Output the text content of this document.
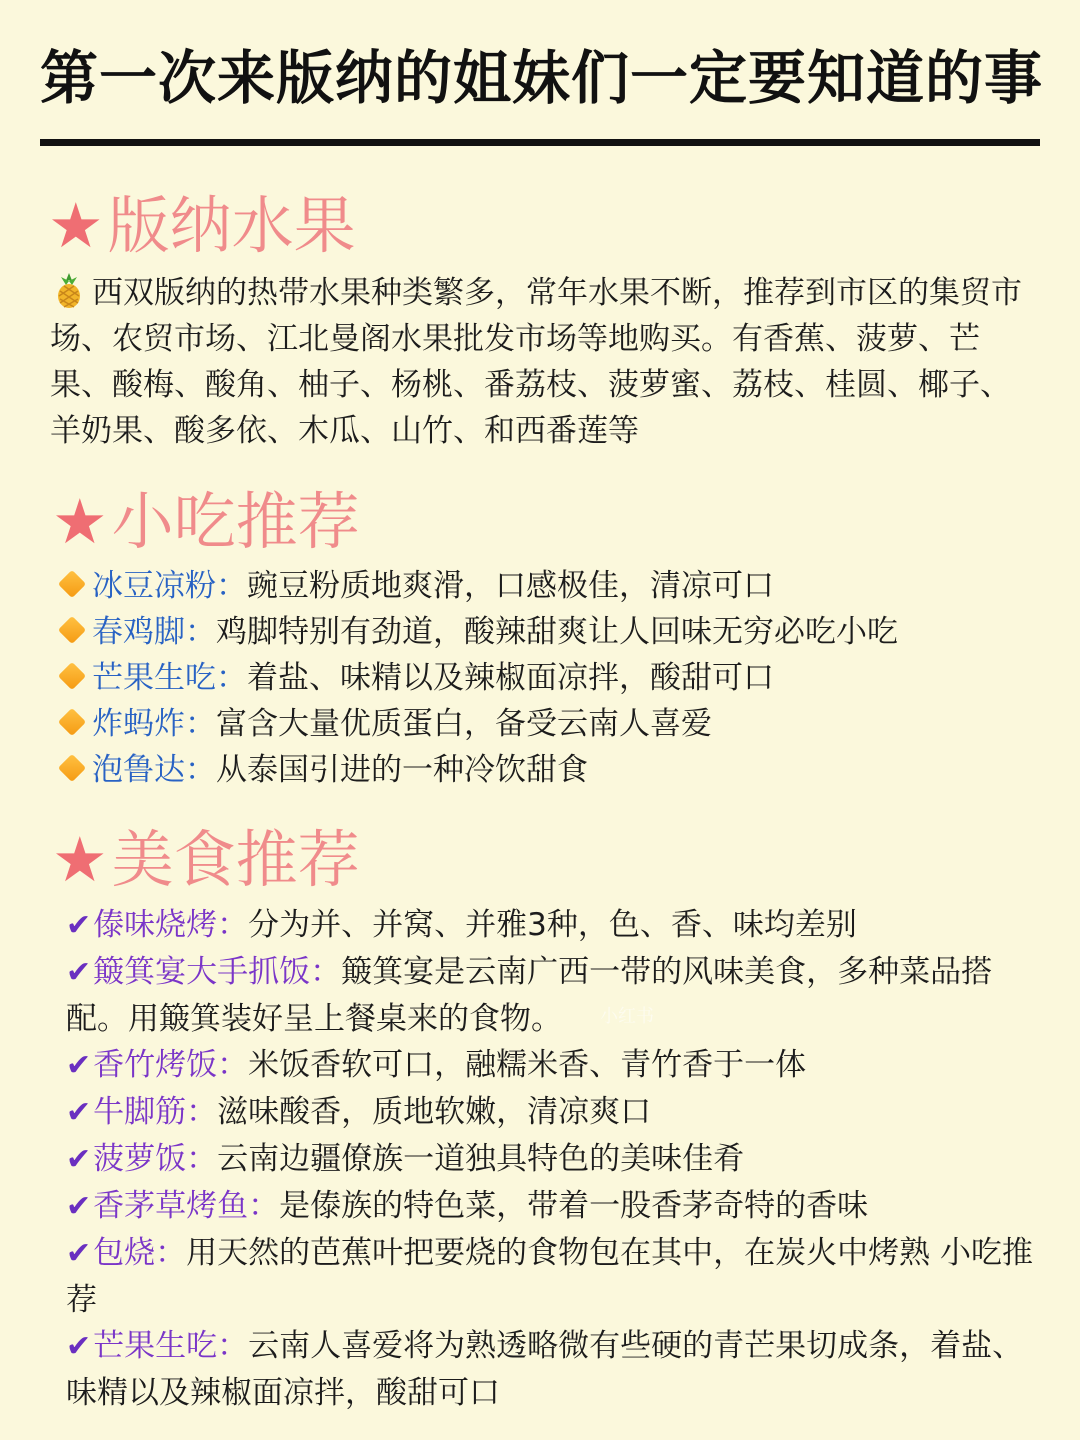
第一次来版纳的姐妹们一定要知道的事
★版纳水果
西双版纳的热带水果种类繁多，常年水果不断，推荐到市区的集贸市场、农贸市场、江北曼阁水果批发市场等地购买。有香蕉、菠萝、芒果、酸梅、酸角、柚子、杨桃、番荔枝、菠萝蜜、荔枝、桂圆、椰子、羊奶果、酸多依、木瓜、山竹、和西番莲等
★小吃推荐
冰豆凉粉：豌豆粉质地爽滑，口感极佳，清凉可口
春鸡脚：鸡脚特别有劲道，酸辣甜爽让人回味无穷必吃小吃
芒果生吃：着盐、味精以及辣椒面凉拌，酸甜可口
炸蚂炸：富含大量优质蛋白，备受云南人喜爱
泡鲁达：从泰国引进的一种冷饮甜食
★美食推荐
✔傣味烧烤：分为并、并窝、并雅3种，色、香、味均差别
✔簸箕宴大手抓饭：簸箕宴是云南广西一带的风味美食，多种菜品搭配。用簸箕装好呈上餐桌来的食物。
✔香竹烤饭：米饭香软可口，融糯米香、青竹香于一体
✔牛脚筋：滋味酸香，质地软嫩，清凉爽口
✔菠萝饭：云南边疆僚族一道独具特色的美味佳肴
✔香茅草烤鱼：是傣族的特色菜，带着一股香茅奇特的香味
✔包烧：用天然的芭蕉叶把要烧的食物包在其中，在炭火中烤熟 小吃推荐
✔芒果生吃：云南人喜爱将为熟透略微有些硬的青芒果切成条，着盐、味精以及辣椒面凉拌，酸甜可口
小红书
